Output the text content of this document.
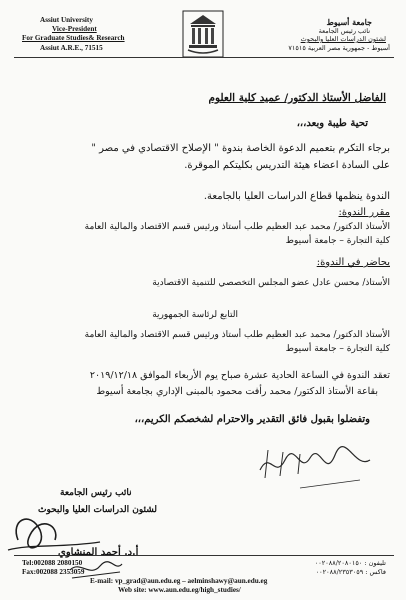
Assiut University
Vice-President
For Graduate Studies& Research
Assiut A.R.E., 71515
جامعة أسيوط
نائب رئيس الجامعة
لشئون الدراسات العليا والبحوث
أسيوط - جمهورية مصر العربية ٧١٥١٥
الفاضل الأستاذ الدكتور/ عميد كلية العلوم
تحية طيبة وبعد،،،
برجاء التكرم بتعميم الدعوة الخاصة بندوة " الإصلاح الاقتصادي في مصر "
على السادة اعضاء هيئة التدريس بكليتكم الموقرة.
الندوة ينظمها قطاع الدراسات العليا بالجامعة.
مقرر الندوة:
الأستاذ الدكتور/ محمد عبد العظيم طلب أستاذ ورئيس قسم الاقتصاد والمالية العامة
كلية التجارة – جامعة أسيوط
يحاضر في الندوة:
الأستاذ/ محسن عادل عضو المجلس التخصصي للتنمية الاقتصادية
التابع لرئاسة الجمهورية
الأستاذ الدكتور/ محمد عبد العظيم طلب أستاذ ورئيس قسم الاقتصاد والمالية العامة
كلية التجارة – جامعة أسيوط
تعقد الندوة في الساعة الحادية عشرة صباح يوم الأربعاء الموافق ٢٠١٩/١٢/١٨
بقاعة الأستاذ الدكتور/ محمد رأفت محمود بالمبنى الإداري بجامعة أسيوط
وتفضلوا بقبول فائق التقدير والاحترام لشخصكم الكريم،،،
نائب رئيس الجامعة
لشئون الدراسات العليا والبحوث
أ.د. أحمد المنشاوي
Tel:002088 2080150
Fax:002088 2353059
E-mail: vp_grad@aun.edu.eg – aelminshawy@aun.edu.eg
Web site: www.aun.edu.eg/high_studies/
تليفون : ٠٠٢٠٨٨/٢٠٨٠١٥٠
فاكس : ٠٠٢٠٨٨/٢٣٥٣٠٥٩
